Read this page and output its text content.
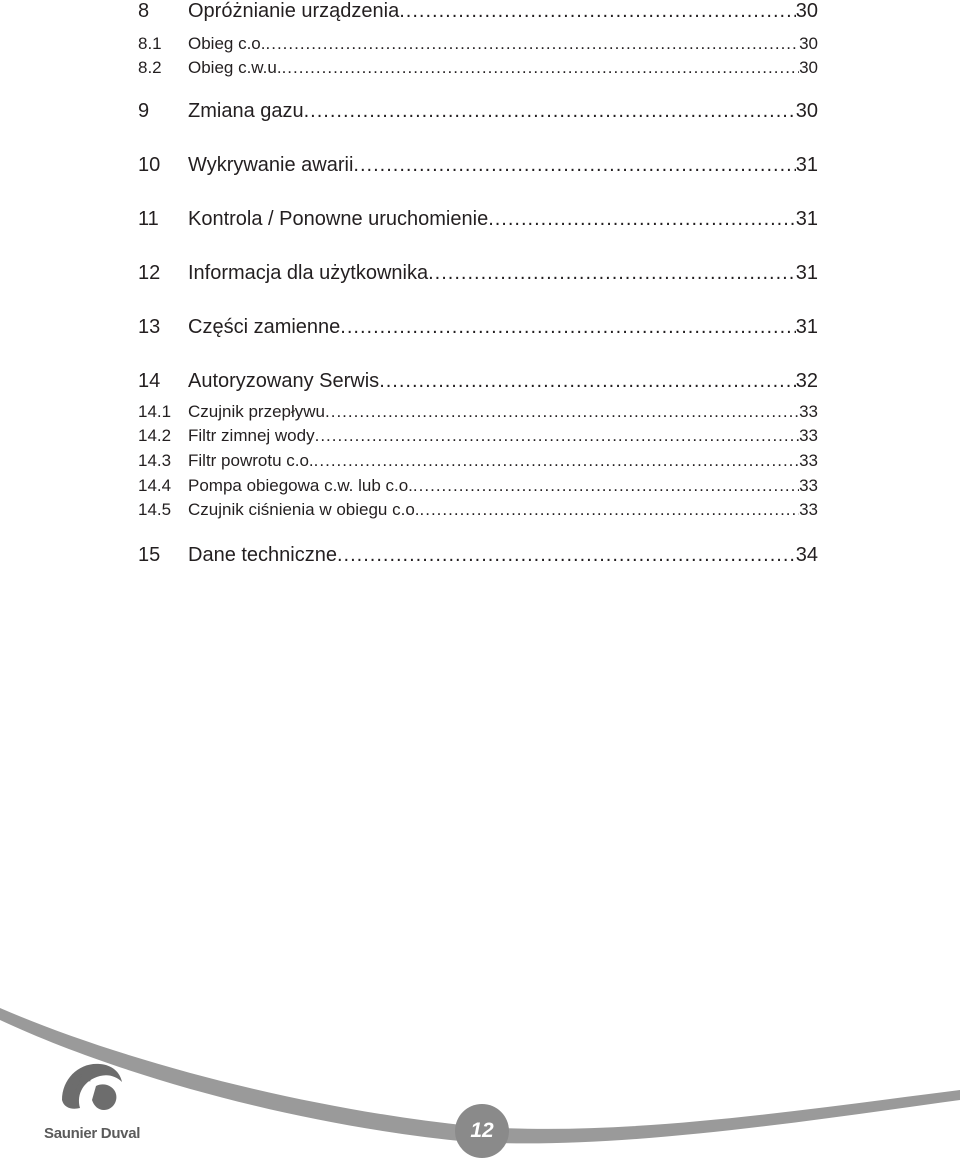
8	Opróżnianie urządzenia .....	30
8.1	Obieg c.o. .....	30
8.2	Obieg c.w.u. .....	30
9	Zmiana gazu .....	30
10	Wykrywanie awarii .....	31
11	Kontrola / Ponowne uruchomienie .....	31
12	Informacja dla użytkownika .....	31
13	Części zamienne .....	31
14	Autoryzowany Serwis .....	32
14.1 Czujnik przepływu .....	33
14.2 Filtr zimnej wody .....	33
14.3 Filtr powrotu c.o. .....	33
14.4 Pompa obiegowa c.w. lub c.o. .....	33
14.5 Czujnik ciśnienia w obiegu c.o. .....	33
15	Dane techniczne .....	34
Saunier Duval	12
